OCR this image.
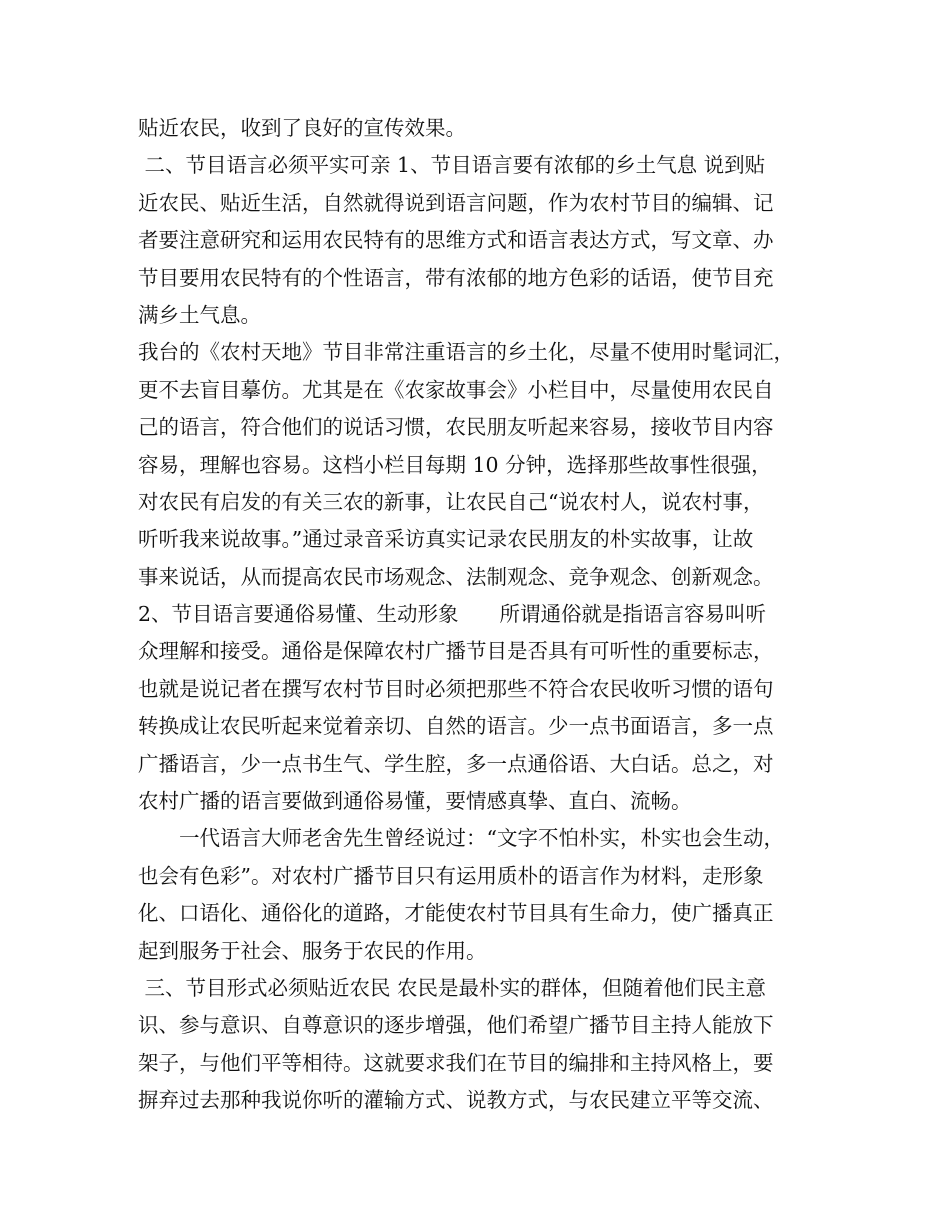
贴近农民，收到了良好的宣传效果。
二、节目语言必须平实可亲 1、节目语言要有浓郁的乡土气息 说到贴
近农民、贴近生活，自然就得说到语言问题，作为农村节目的编辑、记
者要注意研究和运用农民特有的思维方式和语言表达方式，写文章、办
节目要用农民特有的个性语言，带有浓郁的地方色彩的话语，使节目充
满乡土气息。
我台的《农村天地》节目非常注重语言的乡土化，尽量不使用时髦词汇，
更不去盲目摹仿。尤其是在《农家故事会》小栏目中，尽量使用农民自
己的语言，符合他们的说话习惯，农民朋友听起来容易，接收节目内容
容易，理解也容易。这档小栏目每期 10 分钟，选择那些故事性很强，
对农民有启发的有关三农的新事，让农民自己“说农村人，说农村事，
听听我来说故事。”通过录音采访真实记录农民朋友的朴实故事，让故
事来说话，从而提高农民市场观念、法制观念、竞争观念、创新观念。
2、节目语言要通俗易懂、生动形象　　所谓通俗就是指语言容易叫听
众理解和接受。通俗是保障农村广播节目是否具有可听性的重要标志，
也就是说记者在撰写农村节目时必须把那些不符合农民收听习惯的语句
转换成让农民听起来觉着亲切、自然的语言。少一点书面语言，多一点
广播语言，少一点书生气、学生腔，多一点通俗语、大白话。总之，对
农村广播的语言要做到通俗易懂，要情感真挚、直白、流畅。
　　一代语言大师老舍先生曾经说过：“文字不怕朴实，朴实也会生动，
也会有色彩”。对农村广播节目只有运用质朴的语言作为材料，走形象
化、口语化、通俗化的道路，才能使农村节目具有生命力，使广播真正
起到服务于社会、服务于农民的作用。
三、节目形式必须贴近农民 农民是最朴实的群体，但随着他们民主意
识、参与意识、自尊意识的逐步增强，他们希望广播节目主持人能放下
架子，与他们平等相待。这就要求我们在节目的编排和主持风格上，要
摒弃过去那种我说你听的灌输方式、说教方式，与农民建立平等交流、
